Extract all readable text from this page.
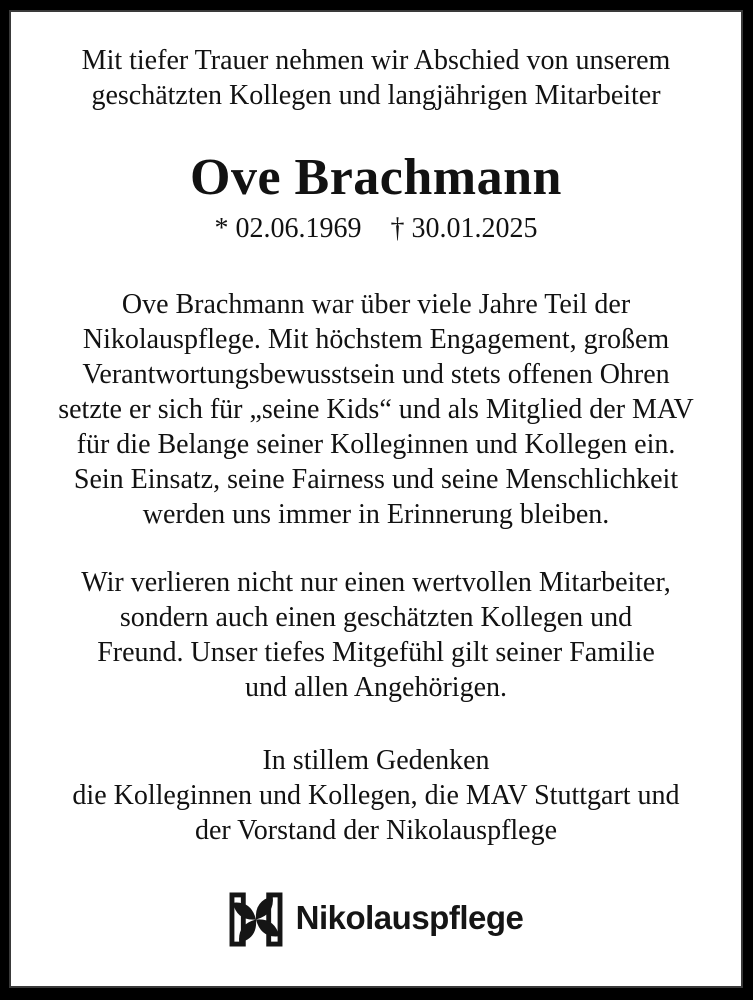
Mit tiefer Trauer nehmen wir Abschied von unserem
geschätzten Kollegen und langjährigen Mitarbeiter
Ove Brachmann
* 02.06.1969 † 30.01.2025
Ove Brachmann war über viele Jahre Teil der
Nikolauspflege. Mit höchstem Engagement, großem
Verantwortungsbewusstsein und stets offenen Ohren
setzte er sich für „seine Kids“ und als Mitglied der MAV
für die Belange seiner Kolleginnen und Kollegen ein.
Sein Einsatz, seine Fairness und seine Menschlichkeit
werden uns immer in Erinnerung bleiben.
Wir verlieren nicht nur einen wertvollen Mitarbeiter,
sondern auch einen geschätzten Kollegen und
Freund. Unser tiefes Mitgefühl gilt seiner Familie
und allen Angehörigen.
In stillem Gedenken
die Kolleginnen und Kollegen, die MAV Stuttgart und
der Vorstand der Nikolauspflege
Nikolauspflege
